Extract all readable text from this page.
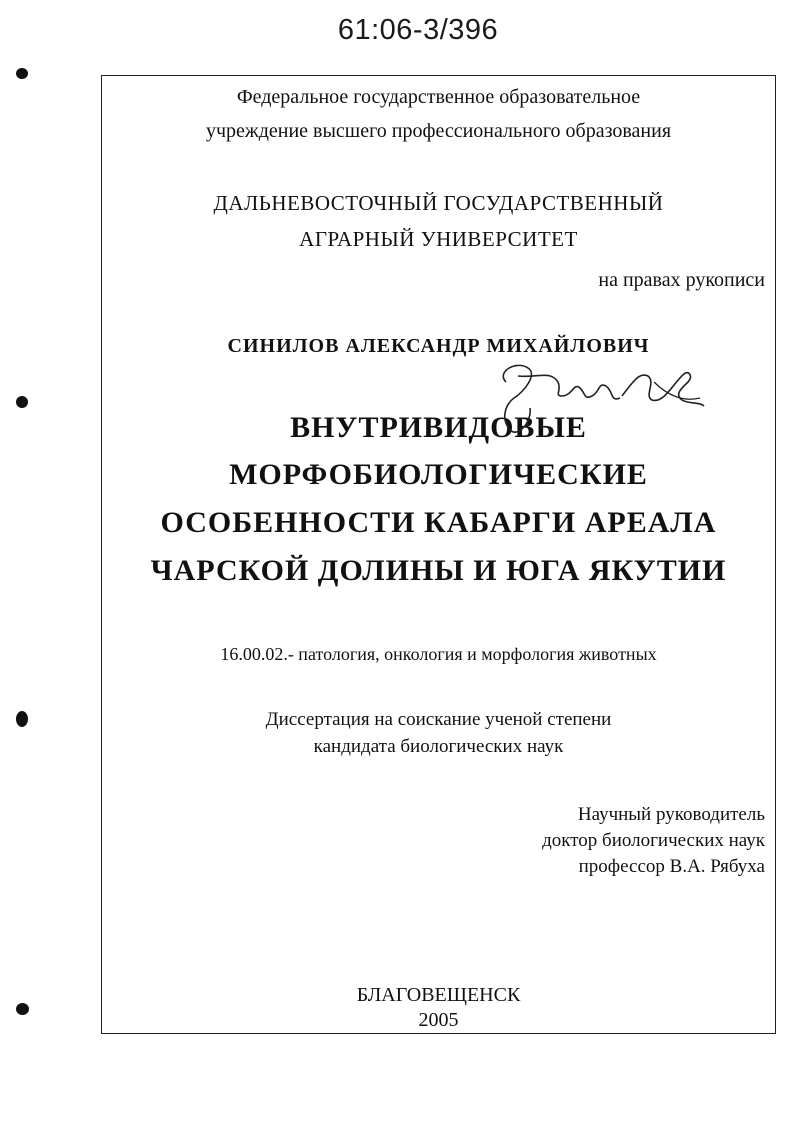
61:06-3/396
Федеральное государственное образовательное
учреждение высшего профессионального образования
ДАЛЬНЕВОСТОЧНЫЙ ГОСУДАРСТВЕННЫЙ
АГРАРНЫЙ УНИВЕРСИТЕТ
на правах рукописи
СИНИЛОВ АЛЕКСАНДР МИХАЙЛОВИЧ
ВНУТРИВИДОВЫЕ
МОРФОБИОЛОГИЧЕСКИЕ
ОСОБЕННОСТИ КАБАРГИ АРЕАЛА
ЧАРСКОЙ ДОЛИНЫ И ЮГА ЯКУТИИ
16.00.02.- патология, онкология и морфология животных
Диссертация на соискание ученой степени
кандидата биологических наук
Научный руководитель
доктор биологических наук
профессор В.А. Рябуха
БЛАГОВЕЩЕНСК
2005
